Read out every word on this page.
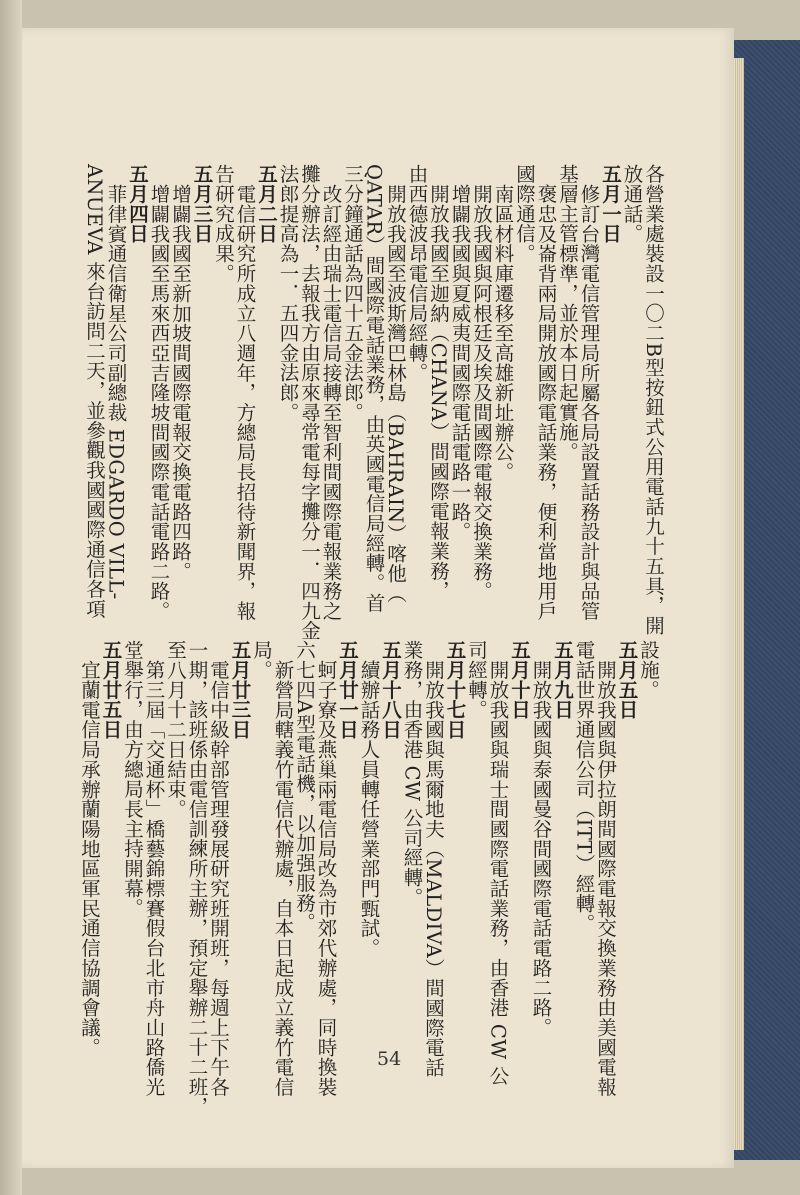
各營業處裝設一〇二B型按鈕式公用電話九十五具，開
放通話。
五月一日
修訂台灣電信管理局所屬各局設置話務設計與品管
基層主管標準，並於本日起實施。
褒忠及崙背兩局開放國際電話業務，便利當地用戶
國際通信。
南區材料庫遷移至高雄新址辦公。
開放我國與阿根廷及埃及間國際電報交換業務。
增闢我國與夏威夷間國際電話電路一路。
開放我國至迦納（CHANA）間國際電報業務，
由西德波昂電信局經轉。
開放我國至波斯灣巴林島（BAHRAIN）喀他（
QATAR）間國際電話業務，由英國電信局經轉。首
三分鐘通話為四十五金法郎。
改訂經由瑞士電信局接轉至智利間國際電報業務之
攤分辦法，去報我方由原來尋常電每字攤分一．四九金
法郎提高為一．五四金法郎。
五月二日
電信研究所成立八週年，方總局長招待新聞界，報
告研究成果。
五月三日
增闢我國至新加坡間國際電報交換電路四路。
增闢我國至馬來西亞吉隆坡間國際電話電路二路。
五月四日
菲律賓通信衛星公司副總裁 EDGARDO VILL-
ANUEVA 來台訪問二天，並參觀我國國際通信各項
設施。
五月五日
開放我國與伊拉朗間國際電報交換業務由美國電報
電話世界通信公司（ITT）經轉。
五月九日
開放我國與泰國曼谷間國際電話電路二路。
五月十日
開放我國與瑞士間國際電話業務，由香港 CW 公
司經轉。
五月十七日
開放我國與馬爾地夫（MALDIVA）間國際電話
業務，由香港 CW 公司經轉。
五月十八日
續辦話務人員轉任營業部門甄試。
五月廿一日
蚵子寮及燕巢兩電信局改為市郊代辦處，同時換裝
六七四A型電話機，以加强服務。
新營局轄義竹電信代辦處，自本日起成立義竹電信
局。
五月廿三日
電信中級幹部管理發展研究班開班，每週上下午各
一期，該班係由電信訓練所主辦，預定舉辦二十二班，
至八月十二日結束。
第三屆「交通杯」橋藝錦標賽假台北市舟山路僑光
堂舉行，由方總局長主持開幕。
五月廿五日
宜蘭電信局承辦蘭陽地區軍民通信協調會議。
54
